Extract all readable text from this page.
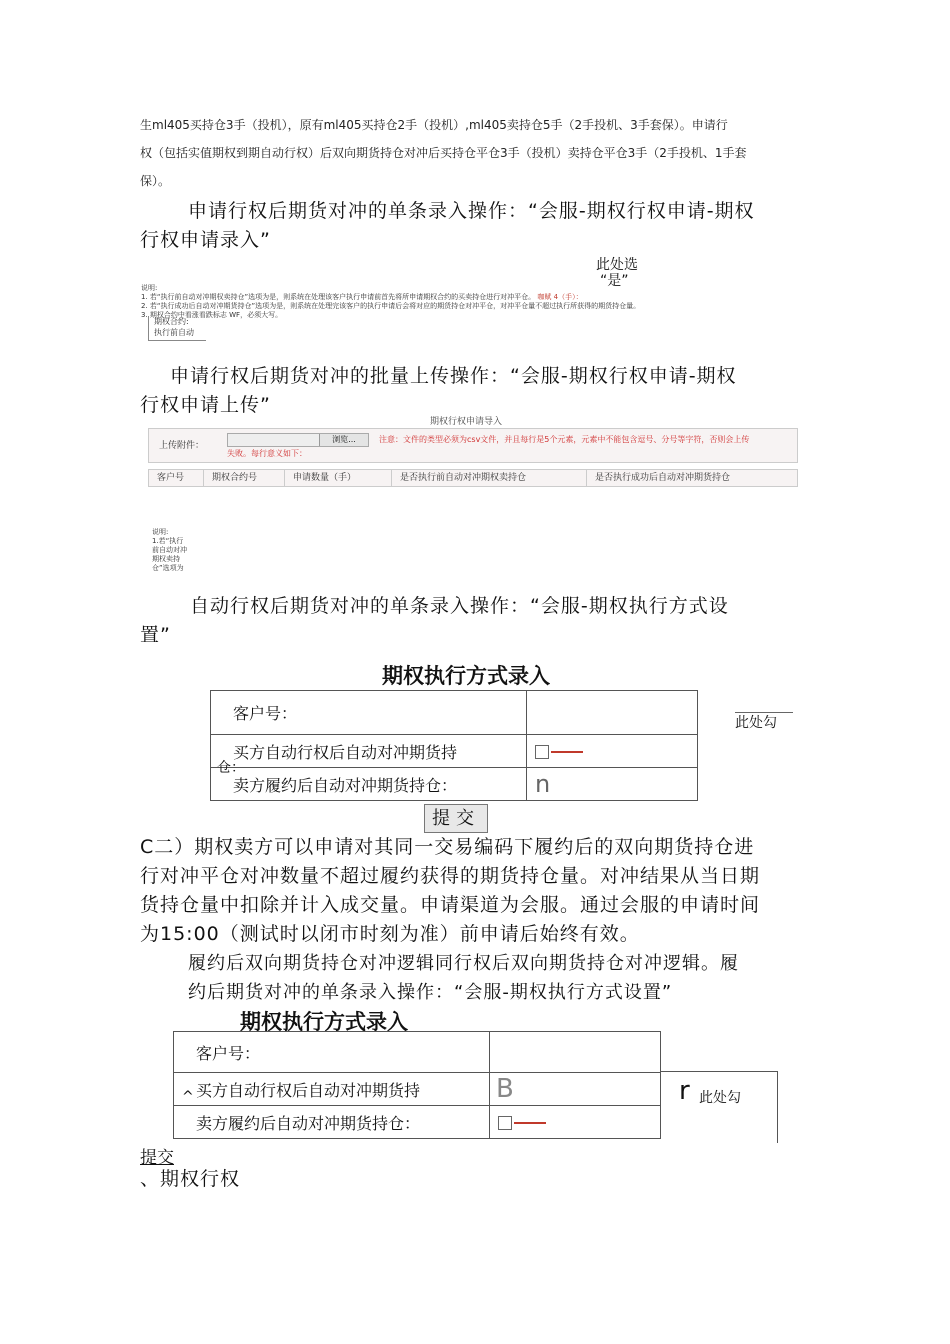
生ml405买持仓3手（投机），原有ml405买持仓2手（投机）,ml405卖持仓5手（2手投机、3手套保）。申请行
权（包括实值期权到期自动行权）后双向期货持仓对冲后买持仓平仓3手（投机）卖持仓平仓3手（2手投机、1手套
保）。
申请行权后期货对冲的单条录入操作：“会服-期权行权申请-期权
行权申请录入”
此处选
“是”
说明:
1. 若“执行前自动对冲期权卖持仓”选项为是，则系统在处理该客户执行申请前首先将所申请期权合约的买卖持仓进行对冲平仓。 咖赋 4（手）：
2. 若“执行成功后自动对冲期货持仓”选项为是，则系统在处理完该客户的执行申请后会将对应的期货持仓对冲平仓，对冲平仓量不超过执行所获得的期货持仓量。
3. 期权合约中看涨看跌标志 WF，必须大写。
期权合约:
执行前自动
申请行权后期货对冲的批量上传操作：“会服-期权行权申请-期权
行权申请上传”
期权行权申请导入
上传附件：
浏览...	注意：文件的类型必须为csv文件，并且每行是5个元素，元素中不能包含逗号、分号等字符，否则会上传
失败。每行意义如下：
客户号	期权合约号	申请数量（手）	是否执行前自动对冲期权卖持仓	是否执行成功后自动对冲期货持仓
说明:
1.若“执行
前自动对冲
期权卖持
仓”选项为
自动行权后期货对冲的单条录入操作：“会服-期权执行方式设
置”
期权执行方式录入
客户号：	

买方自动行权后自动对冲期货持
仓：	

卖方履约后自动对冲期货持仓：	n
此处勾
提交
C二）期权卖方可以申请对其同一交易编码下履约后的双向期货持仓进
行对冲平仓对冲数量不超过履约获得的期货持仓量。对冲结果从当日期
货持仓量中扣除并计入成交量。申请渠道为会服。通过会服的申请时间
为15:00（测试时以闭市时刻为准）前申请后始终有效。
履约后双向期货持仓对冲逻辑同行权后双向期货持仓对冲逻辑。履
约后期货对冲的单条录入操作：“会服-期权执行方式设置”
期权执行方式录入
客户号：	

^ 买方自动行权后自动对冲期货持	B
卖方履约后自动对冲期货持仓：	
r 此处勾
提交
、期权行权
